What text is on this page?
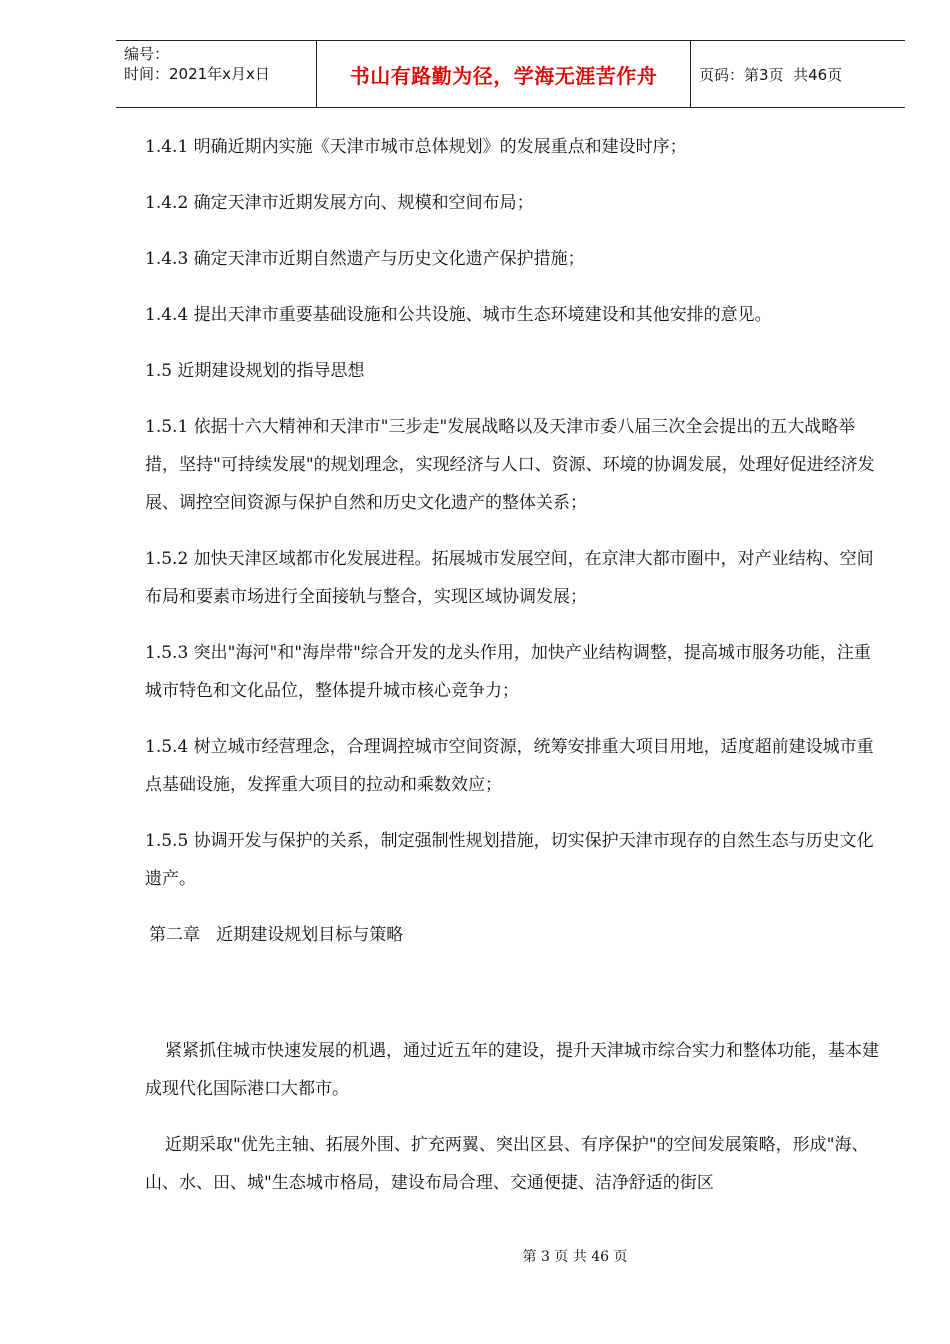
编号：
时间：2021年x月x日	书山有路勤为径，学海无涯苦作舟	页码：第3页  共46页

1.4.1 明确近期内实施《天津市城市总体规划》的发展重点和建设时序；

1.4.2 确定天津市近期发展方向、规模和空间布局；

1.4.3 确定天津市近期自然遗产与历史文化遗产保护措施；

1.4.4 提出天津市重要基础设施和公共设施、城市生态环境建设和其他安排的意见。

1.5 近期建设规划的指导思想

1.5.1 依据十六大精神和天津市"三步走"发展战略以及天津市委八届三次全会提出的五大战略举措，坚持"可持续发展"的规划理念，实现经济与人口、资源、环境的协调发展，处理好促进经济发展、调控空间资源与保护自然和历史文化遗产的整体关系；

1.5.2 加快天津区域都市化发展进程。拓展城市发展空间，在京津大都市圈中，对产业结构、空间布局和要素市场进行全面接轨与整合，实现区域协调发展；

1.5.3 突出"海河"和"海岸带"综合开发的龙头作用，加快产业结构调整，提高城市服务功能，注重城市特色和文化品位，整体提升城市核心竞争力；

1.5.4 树立城市经营理念，合理调控城市空间资源，统筹安排重大项目用地，适度超前建设城市重点基础设施，发挥重大项目的拉动和乘数效应；

1.5.5 协调开发与保护的关系，制定强制性规划措施，切实保护天津市现存的自然生态与历史文化遗产。

第二章   近期建设规划目标与策略

紧紧抓住城市快速发展的机遇，通过近五年的建设，提升天津城市综合实力和整体功能，基本建成现代化国际港口大都市。

近期采取"优先主轴、拓展外围、扩充两翼、突出区县、有序保护"的空间发展策略，形成"海、山、水、田、城"生态城市格局，建设布局合理、交通便捷、洁净舒适的街区

第 3 页 共 46 页
